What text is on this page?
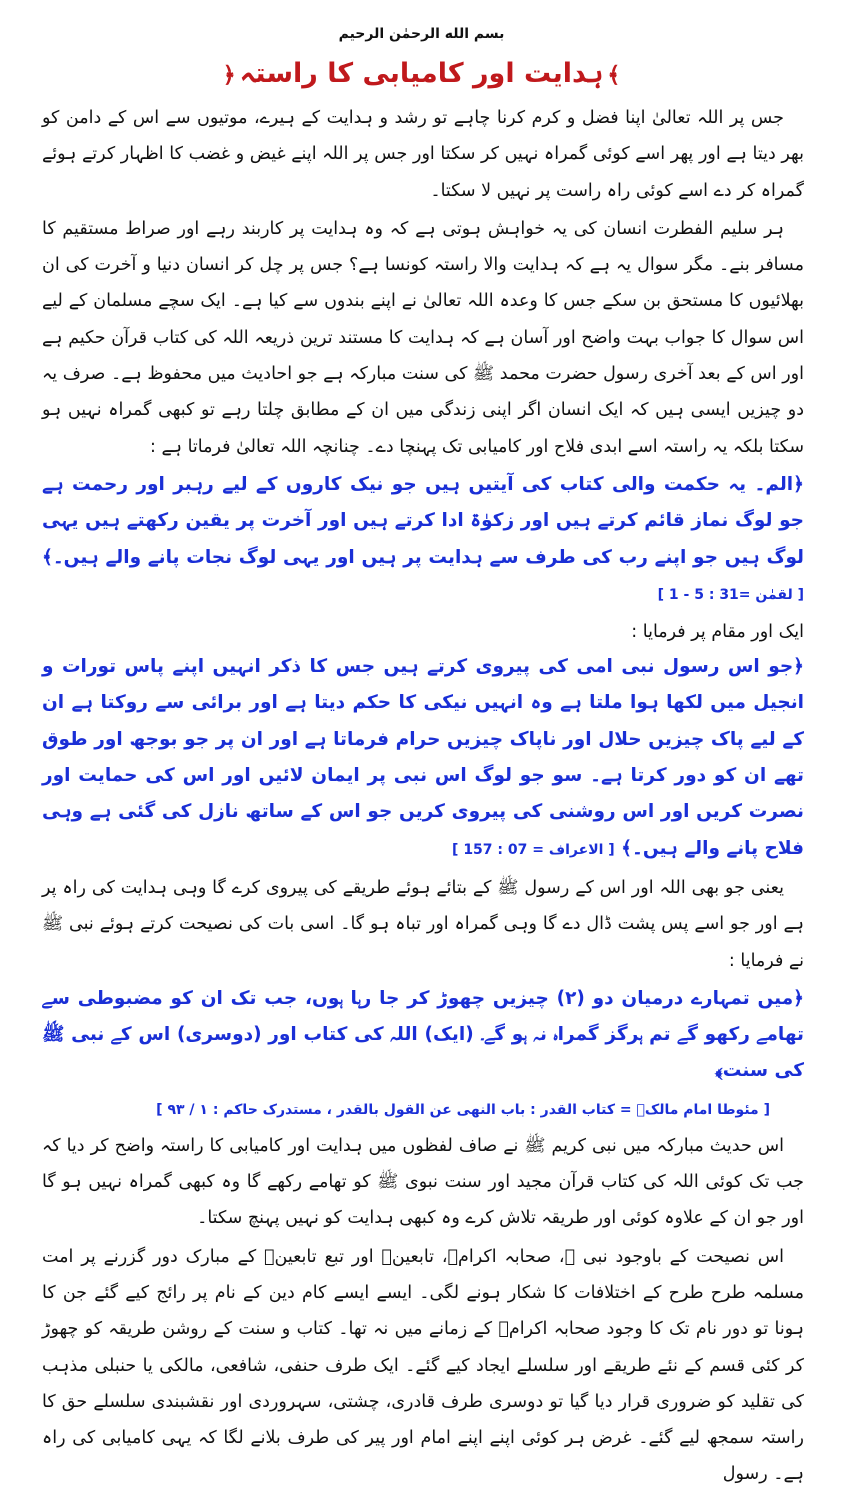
بسم الله الرحمٰن الرحیم
﴾ہدایت اور کامیابی کا راستہ﴿

جس پر اللہ تعالیٰ اپنا فضل و کرم کرنا چاہے تو رشد و ہدایت کے ہیرے، موتیوں سے اس کے دامن کو بھر دیتا ہے اور پھر اسے کوئی گمراہ نہیں کر سکتا اور جس پر اللہ اپنے غیض و غضب کا اظہار کرتے ہوئے گمراہ کر دے اسے کوئی راہ راست پر نہیں لا سکتا۔

ہر سلیم الفطرت انسان کی یہ خواہش ہوتی ہے کہ وہ ہدایت پر کاربند رہے اور صراط مستقیم کا مسافر بنے۔ مگر سوال یہ ہے کہ ہدایت والا راستہ کونسا ہے؟ جس پر چل کر انسان دنیا و آخرت کی ان بھلائیوں کا مستحق بن سکے جس کا وعدہ اللہ تعالیٰ نے اپنے بندوں سے کیا ہے۔ ایک سچے مسلمان کے لیے اس سوال کا جواب بہت واضح اور آسان ہے کہ ہدایت کا مستند ترین ذریعہ اللہ کی کتاب قرآن حکیم ہے اور اس کے بعد آخری رسول حضرت محمد ﷺ کی سنت مبارکہ ہے جو احادیث میں محفوظ ہے۔ صرف یہ دو چیزیں ایسی ہیں کہ ایک انسان اگر اپنی زندگی میں ان کے مطابق چلتا رہے تو کبھی گمراہ نہیں ہو سکتا بلکہ یہ راستہ اسے ابدی فلاح اور کامیابی تک پہنچا دے۔ چنانچہ اللہ تعالیٰ فرماتا ہے :

﴿الم۔ یہ حکمت والی کتاب کی آیتیں ہیں جو نیک کاروں کے لیے رہبر اور رحمت ہے جو لوگ نماز قائم کرتے ہیں اور زکوٰۃ ادا کرتے ہیں اور آخرت پر یقین رکھتے ہیں یہی لوگ ہیں جو اپنے رب کی طرف سے ہدایت پر ہیں اور یہی لوگ نجات پانے والے ہیں۔﴾ [ لقمٰن =31 : 5 - 1 ]

ایک اور مقام پر فرمایا :

﴿جو اس رسول نبی امی کی پیروی کرتے ہیں جس کا ذکر انہیں اپنے پاس تورات و انجیل میں لکھا ہوا ملتا ہے وہ انہیں نیکی کا حکم دیتا ہے اور برائی سے روکتا ہے ان کے لیے پاک چیزیں حلال اور ناپاک چیزیں حرام فرماتا ہے اور ان پر جو بوجھ اور طوق تھے ان کو دور کرتا ہے۔ سو جو لوگ اس نبی پر ایمان لائیں اور اس کی حمایت اور نصرت کریں اور اس روشنی کی پیروی کریں جو اس کے ساتھ نازل کی گئی ہے وہی فلاح پانے والے ہیں۔﴾ [ الاعراف = 07 : 157 ]

یعنی جو بھی اللہ اور اس کے رسول ﷺ کے بتائے ہوئے طریقے کی پیروی کرے گا وہی ہدایت کی راہ پر ہے اور جو اسے پس پشت ڈال دے گا وہی گمراہ اور تباہ ہو گا۔ اسی بات کی نصیحت کرتے ہوئے نبی ﷺ نے فرمایا :

﴿میں تمہارے درمیان دو (۲) چیزیں چھوڑ کر جا رہا ہوں، جب تک ان کو مضبوطی سے تھامے رکھو گے تم ہرگز گمراہ نہ ہو گے۔ (ایک) اللہ کی کتاب اور (دوسری) اس کے نبی ﷺ کی سنت﴾

[ مئوطا امام مالکؒ = کتاب القدر : باب النهی عن القول بالقدر ، مستدرک حاکم : ۱ / ۹۳ ]

اس حدیث مبارکہ میں نبی کریم ﷺ نے صاف لفظوں میں ہدایت اور کامیابی کا راستہ واضح کر دیا کہ جب تک کوئی اللہ کی کتاب قرآن مجید اور سنت نبوی ﷺ کو تھامے رکھے گا وہ کبھی گمراہ نہیں ہو گا اور جو ان کے علاوہ کوئی اور طریقہ تلاش کرے وہ کبھی ہدایت کو نہیں پہنچ سکتا۔

اس نصیحت کے باوجود نبی ﷺ، صحابہ اکرامؓ، تابعینؒ اور تبع تابعینؒ کے مبارک دور گزرنے پر امت مسلمہ طرح طرح کے اختلافات کا شکار ہونے لگی۔ ایسے ایسے کام دین کے نام پر رائج کیے گئے جن کا ہونا تو دور نام تک کا وجود صحابہ اکرامؓ کے زمانے میں نہ تھا۔ کتاب و سنت کے روشن طریقہ کو چھوڑ کر کئی قسم کے نئے طریقے اور سلسلے ایجاد کیے گئے۔ ایک طرف حنفی، شافعی، مالکی یا حنبلی مذہب کی تقلید کو ضروری قرار دیا گیا تو دوسری طرف قادری، چشتی، سہروردی اور نقشبندی سلسلے حق کا راستہ سمجھ لیے گئے۔ غرض ہر کوئی اپنے اپنے امام اور پیر کی طرف بلانے لگا کہ یہی کامیابی کی راہ ہے۔ رسول
